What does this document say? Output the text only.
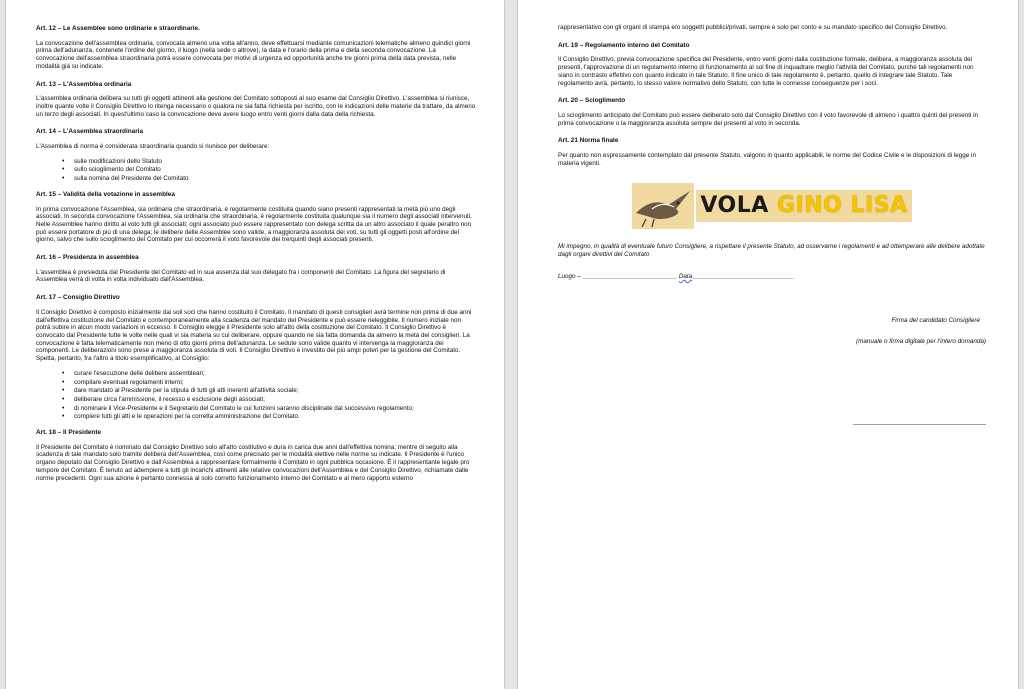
Art. 12 – Le Assemblee sono ordinarie e straordinarie.
La convocazione dell'assemblea ordinaria, convocata almeno una volta all'anno, deve effettuarsi mediante comunicazioni telematiche almeno quindici giorni prima dell'adunanza, contenete l'ordine del giorno, il luogo (nella sede o altrove), la data e l'orario della prima e della seconda convocazione. La convocazione dell'assemblea straordinaria potrà essere convocata per motivi di urgenza ed opportunità anche tre giorni prima della data prevista, nelle modalità già su indicate.
Art. 13 – L'Assemblea ordinaria
L'assemblea ordinaria delibera su tutti gli oggetti attinenti alla gestione del Comitato sottoposti al suo esame dal Consiglio Direttivo. L'assemblea si riunisce, inoltre quante volte il Consiglio Direttivo lo ritenga necessario o qualora ne sia fatta richiesta per iscritto, con le indicazioni delle materie da trattare, da almeno un terzo degli associati. In quest'ultimo caso la convocazione deve avere luogo entro venti giorni dalla data della richiesta.
Art. 14 – L'Assemblea straordinaria
L'Assemblea di norma è considerata straordinaria quando si riunisce per deliberare:
• sulle modificazioni dello Statuto
• sullo scioglimento del Comitato
• sulla nomina del Presidente del Comitato
Art. 15 – Validità della votazione in assemblea
In prima convocazione l'Assemblea, sia ordinaria che straordinaria, è regolarmente costituita quando siano presenti rappresentati la metà più uno degli associati. In seconda convocazione l'Assemblea, sia ordinaria che straordinaria, è regolarmente costituita qualunque sia il numero degli associati intervenuti. Nelle Assemblee hanno diritto al voto tutti gli associati; ogni associato può essere rappresentato con delega scritta da un altro associato il quale peraltro non può essere portatore di più di una delega; le delibere delle Assemblee sono valide, a maggioranza assoluta dei voti, su tutti gli oggetti posti all'ordine del giorno, salvo che sullo scioglimento del Comitato per cui occorrerà il voto favorevole dei tre/quinti degli associati presenti.
Art. 16 – Presidenza in assemblea
L'assemblea è presieduta dal Presidente del Comitato ed in sua assenza dal suo delegato fra i componenti del Comitato. La figura del segretario di Assemblea verrà di volta in volta individuato dall'Assemblea.
Art. 17 – Consiglio Direttivo
Il Consiglio Direttivo è composto inizialmente dai soli soci che hanno costituito il Comitato. Il mandato di questi consiglieri avrà termine non prima di due anni dall'effettiva costituzione del Comitato e contemporaneamente alla scadenza del mandato del Presidente e può essere rieleggibile. Il numero iniziale non potrà subire in alcun modo variazioni in eccesso. Il Consiglio elegge il Presidente solo all'atto della costituzione del Comitato. Il Consiglio Direttivo è convocato dal Presidente tutte le volte nelle quali vi sia materia su cui deliberare, oppure quando ne sia fatta domanda da almeno la metà dei consiglieri. La convocazione è fatta telematicamente non meno di otto giorni prima dell'adunanza. Le sedute sono valide quanto vi intervenga la maggioranza dei componenti. Le deliberazioni sono prese a maggioranza assoluta di voti. Il Consiglio Direttivo è investito dei più ampi poteri per la gestione del Comitato. Spetta, pertanto, fra l'altro a titolo esemplificativo, al Consiglio:
• curare l'esecuzione delle delibere assembleari;
• compilare eventuali regolamenti interni;
• dare mandato al Presidente per la stipula di tutti gli atti inerenti all'attività sociale;
• deliberare circa l'ammissione, il recesso e esclusione degli associati;
• di nominare il Vice-Presidente e il Segretario del Comitato le cui funzioni saranno disciplinate dal successivo regolamento;
• compiere tutti gli atti e le operazioni per la corretta amministrazione del Comitato.
Art. 18 – Il Presidente
Il Presidente del Comitato è nominato dal Consiglio Direttivo solo all'atto costitutivo e dura in carica due anni dall'effettiva nomina; mentre di seguito alla scadenza di tale mandato solo tramite delibera dell'Assemblea, così come precisato per le modalità elettive nelle norme su indicate. Il Presidente è l'unico organo deputato dal Consiglio Direttivo e dall'Assemblea a rappresentare formalmente il Comitato in ogni pubblica occasione. È il rappresentante legale pro tempore del Comitato. È tenuto ad adempiere a tutti gli incarichi attinenti alle relative convocazioni dell'Assemblea e del Consiglio Direttivo, richiamate dalle norme precedenti. Ogni sua azione è pertanto connessa al solo corretto funzionamento interno del Comitato e al mero rapporto esterno
rappresentativo con gli organi di stampa e/o soggetti pubblici/privati, sempre e solo per conto e su mandato specifico del Consiglio Direttivo.
Art. 19 – Regolamento interno del Comitato
Il Consiglio Direttivo, previa convocazione specifica del Presidente, entro venti giorni dalla costituzione formale, delibera, a maggioranza assoluta dei presenti, l'approvazione di un regolamento interno di funzionamento al sol fine di inquadrare meglio l'attività del Comitato, purché tali regolamenti non siano in contrasto effettivo con quanto indicato in tale Statuto. Il fine unico di tale regolamento è, pertanto, quello di integrare tale Statuto. Tale regolamento avrà, pertanto, lo stesso valore normativo dello Statuto, con tutte le connesse conseguenze per i soci.
Art. 20 – Scioglimento
Lo scioglimento anticipato del Comitato può essere deliberato solo dal Consiglio Direttivo con il voto favorevole di almeno i quattro quinti dei presenti in prima convocazione o la maggioranza assoluta sempre dei presenti al voto in seconda.
Art. 21 Norma finale
Per quanto non espressamente contemplato dal presente Statuto, valgono in quanto applicabili, le norme del Codice Civile e le disposizioni di legge in materia vigenti.
VOLA GINO LISA
Mi impegno, in qualità di eventuale futuro Consigliere, a rispettare il presente Statuto, ad osservarne i regolamenti e ad ottemperare alle delibere adottate dagli organi direttivi del Comitato
Luogo – ___________________________ Data_____________________________
Firma del candidato Consigliere
(manuale o firma digitale per l'intero domanda)
______________________________________
